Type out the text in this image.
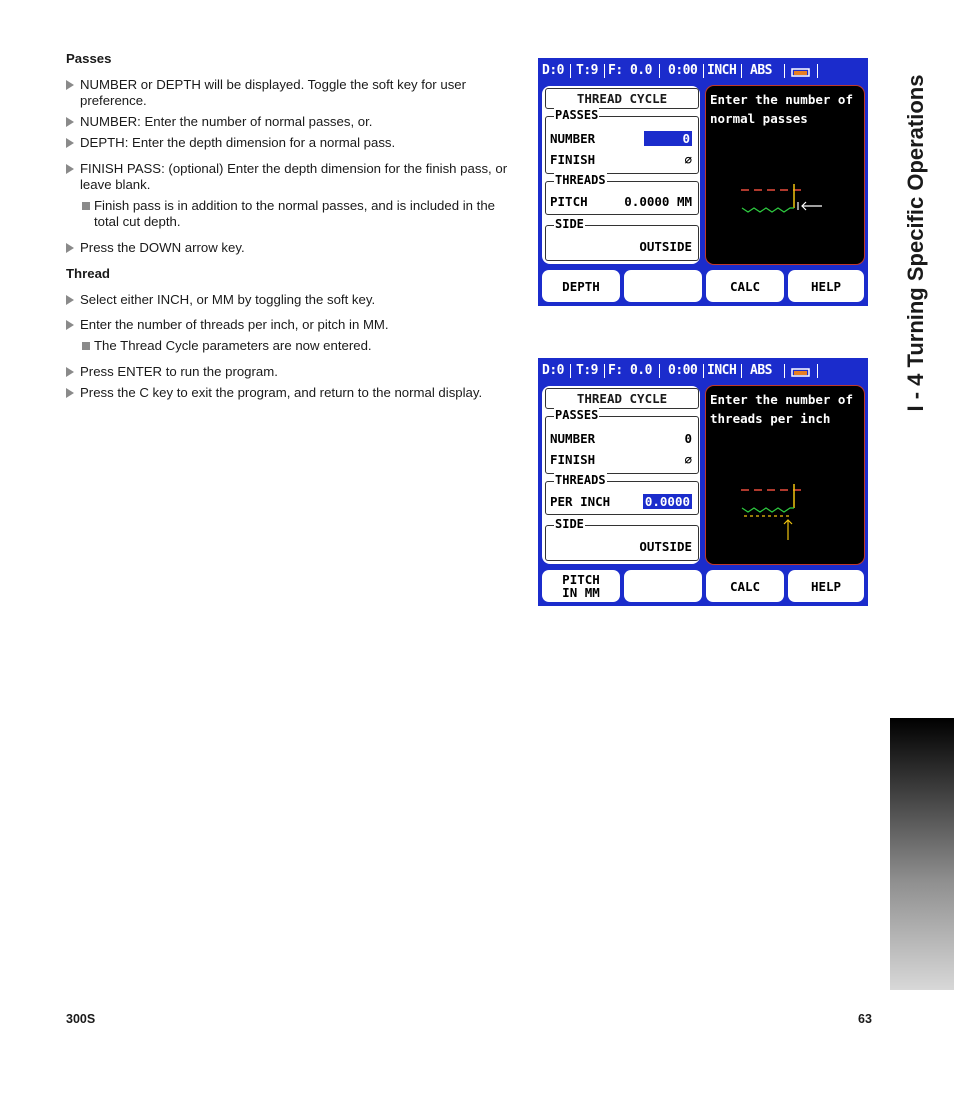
Passes
NUMBER or DEPTH will be displayed. Toggle the soft key for user preference.
NUMBER: Enter the number of normal passes, or.
DEPTH: Enter the depth dimension for a normal pass.
FINISH PASS: (optional) Enter the depth dimension for the finish pass, or leave blank.
Finish pass is in addition to the normal passes, and is included in the total cut depth.
Press the DOWN arrow key.
Thread
Select either INCH, or MM by toggling the soft key.
Enter the number of threads per inch, or pitch in MM.
The Thread Cycle parameters are now entered.
Press ENTER to run the program.
Press the C key to exit the program, and return to the normal display.
D:0 T:9 F: 0.0 0:00 INCH ABS
THREAD CYCLE
PASSES
NUMBER	0
FINISH	⌀
THREADS
PITCH	0.0000 MM
SIDE
OUTSIDE
Enter the number of
normal passes
DEPTH	CALC	HELP
D:0 T:9 F: 0.0 0:00 INCH ABS
THREAD CYCLE
PASSES
NUMBER	0
FINISH	⌀
THREADS
PER INCH	0.0000
SIDE
OUTSIDE
Enter the number of
threads per inch
PITCH
IN MM	CALC	HELP
I - 4 Turning Specific Operations
300S	63
